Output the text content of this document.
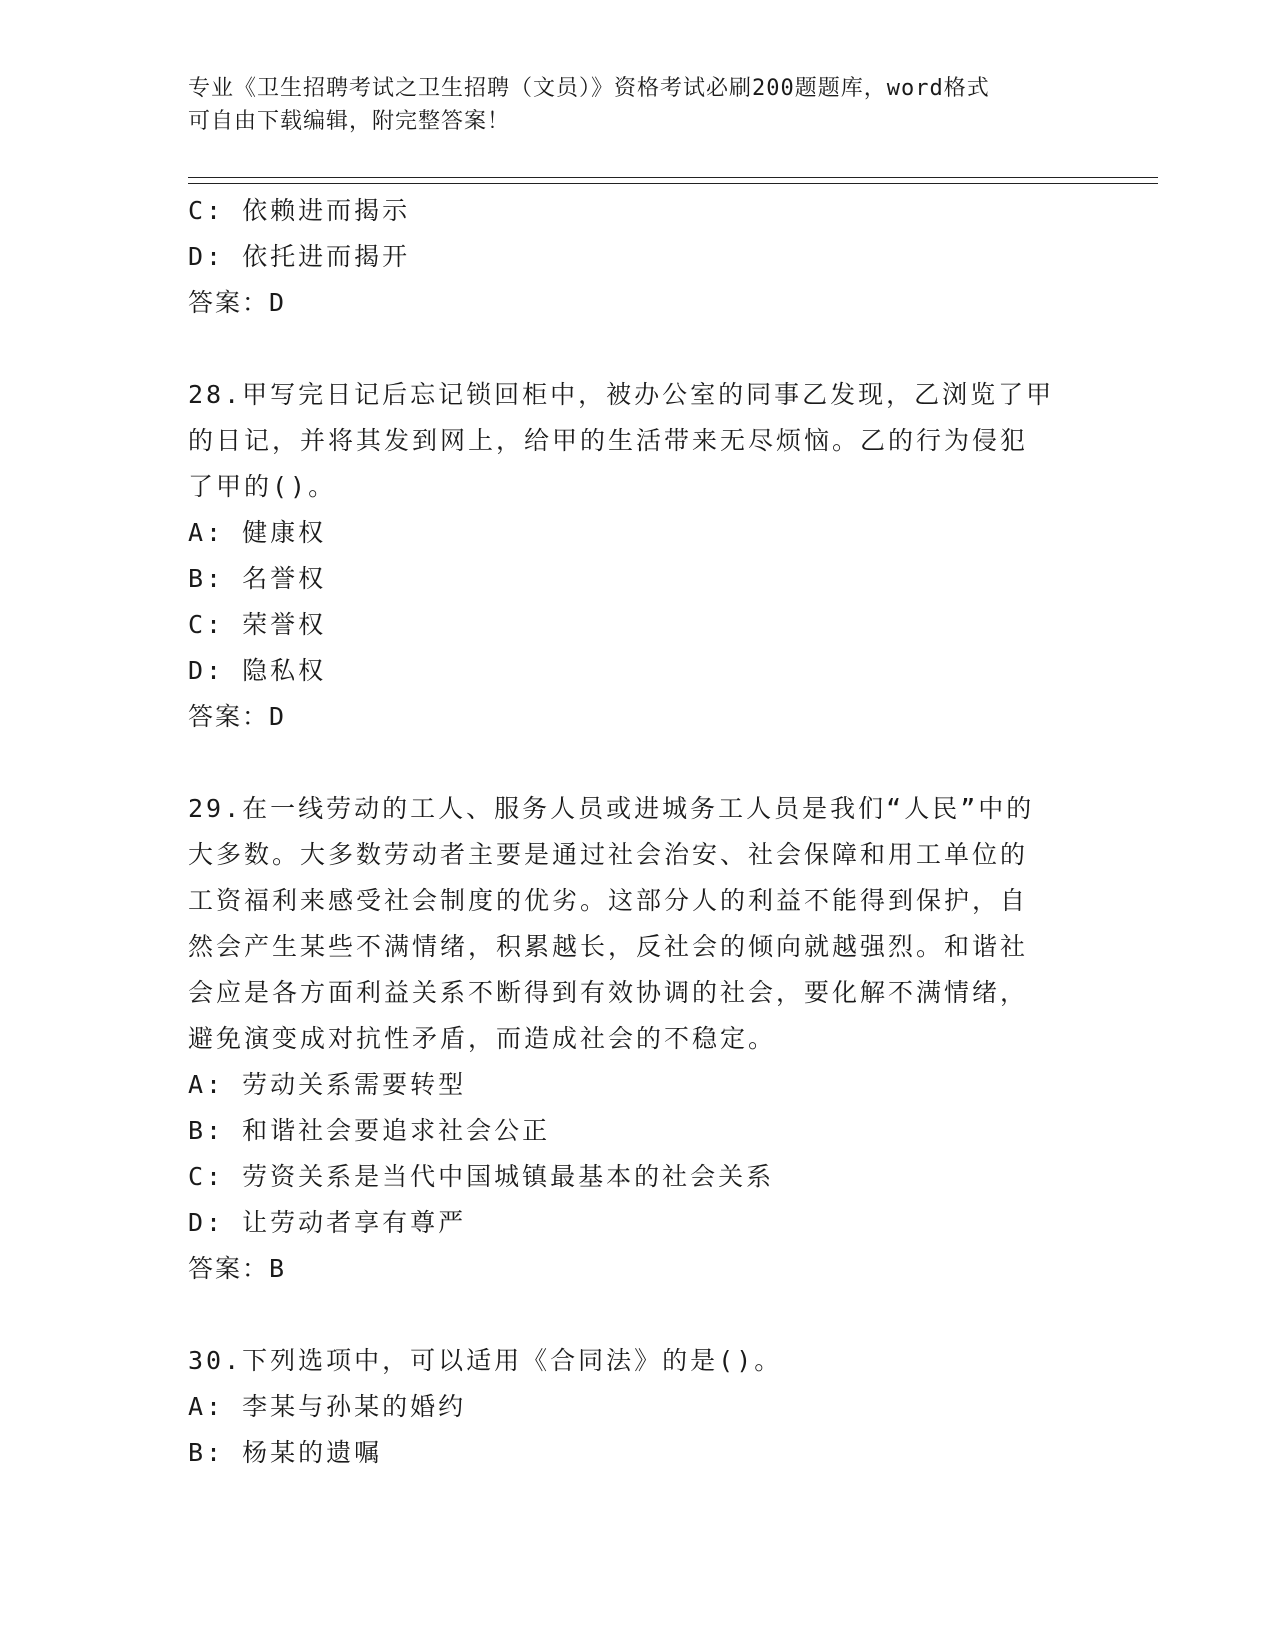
专业《卫生招聘考试之卫生招聘（文员）》资格考试必刷200题题库，word格式
可自由下载编辑，附完整答案！
C: 依赖进而揭示
D: 依托进而揭开
答案：D
28.甲写完日记后忘记锁回柜中，被办公室的同事乙发现，乙浏览了甲
的日记，并将其发到网上，给甲的生活带来无尽烦恼。乙的行为侵犯
了甲的()。
A: 健康权
B: 名誉权
C: 荣誉权
D: 隐私权
答案：D
29.在一线劳动的工人、服务人员或进城务工人员是我们“人民”中的
大多数。大多数劳动者主要是通过社会治安、社会保障和用工单位的
工资福利来感受社会制度的优劣。这部分人的利益不能得到保护，自
然会产生某些不满情绪，积累越长，反社会的倾向就越强烈。和谐社
会应是各方面利益关系不断得到有效协调的社会，要化解不满情绪，
避免演变成对抗性矛盾，而造成社会的不稳定。
A: 劳动关系需要转型
B: 和谐社会要追求社会公正
C: 劳资关系是当代中国城镇最基本的社会关系
D: 让劳动者享有尊严
答案：B
30.下列选项中，可以适用《合同法》的是()。
A: 李某与孙某的婚约
B: 杨某的遗嘱
